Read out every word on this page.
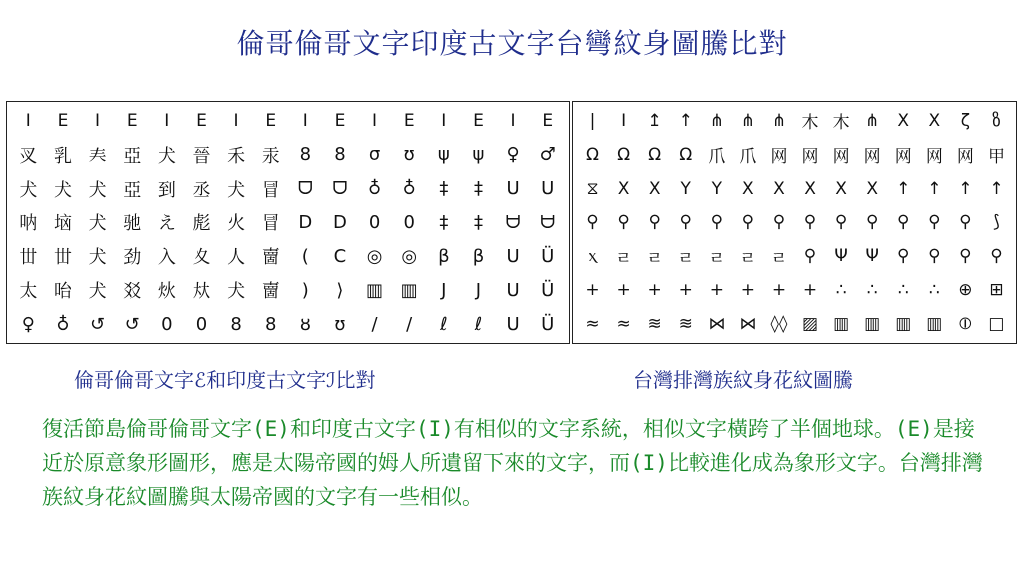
倫哥倫哥文字印度古文字台彎紋身圖騰比對
I	E	I	E	I	E	I	E	I	E	I	E	I	E	I	E
㕚 乳 𡗗 亞 犬 晉 禾 汞	8	8	σ	ʊ	ψ	ψ	♀	♂
犬 犬 犬 亞 到 丞 犬 冒	ᗜ	ᗜ	♁	♁	‡	‡	U	U
呐 垴 犬 驰 え 彪 火 冒	D	D	0	0	‡	‡	ᗨ	ᗨ
丗 丗 犬 劲 入 夊 人 夁	(	C	◎	◎	β	β	U	Ü
太 咍 犬 㸚 炏 夶 犬 夁	)	⟩	▥ ▥	J	J	U	Ü
♀	♁	↺	↺	0	0	8	8	ȣ	ʊ	/	/	ℓ	ℓ	U	Ü
|	I	↥ ↑ ⋔ ⋔ ⋔ 木 木 ⋔	X	X	ζ	ზ
Ω	Ω	Ω	Ω 爪 爪 网 网 网 网 网 网 网 甲
⧖	X	X	Y	Y	X	X	X	X	X	↑ ↑ ↑ ↑
⚲	⚲	⚲	⚲	⚲	⚲	⚲	⚲	⚲	⚲	⚲	⚲	⚲	⟆
ⲭ	ㄹ ㄹ ㄹ ㄹ ㄹ ㄹ ⚲	Ψ	Ψ	⚲	⚲	⚲	⚲
+ + + + + + + +	∴	∴	∴	∴	⊕ ⊞
≈ ≈ ≋ ≋ ⋈ ⋈ ◊◊ ▨ ▥ ▥ ▥ ▥ ⦶ □
倫哥倫哥文字ℰ和印度古文字ℐ比對	台灣排灣族紋身花紋圖騰
復活節島倫哥倫哥文字(E)和印度古文字(I)有相似的文字系統，相似文字橫跨了半個地球。(E)是接近於原意象形圖形，應是太陽帝國的姆人所遺留下來的文字，而(I)比較進化成為象形文字。台灣排灣族紋身花紋圖騰與太陽帝國的文字有一些相似。
